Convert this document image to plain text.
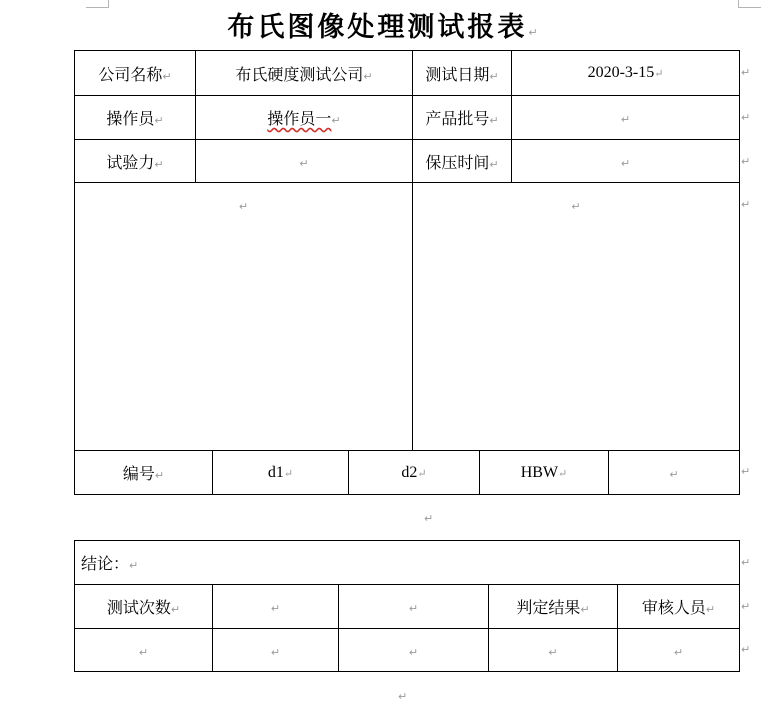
布氏图像处理测试报表↵
公司名称↵	布氏硬度测试公司↵	测试日期↵	2020-3-15↵
操作员↵	操作员一↵	产品批号↵	↵
试验力↵	↵	保压时间↵	↵
↵		↵	
编号↵	d1↵	d2↵	HBW↵	↵
↵
↵
↵
↵
↵
↵
结论：↵				
测试次数↵	↵	↵	判定结果↵	审核人员↵
↵	↵	↵	↵	↵
↵
↵
↵
↵
